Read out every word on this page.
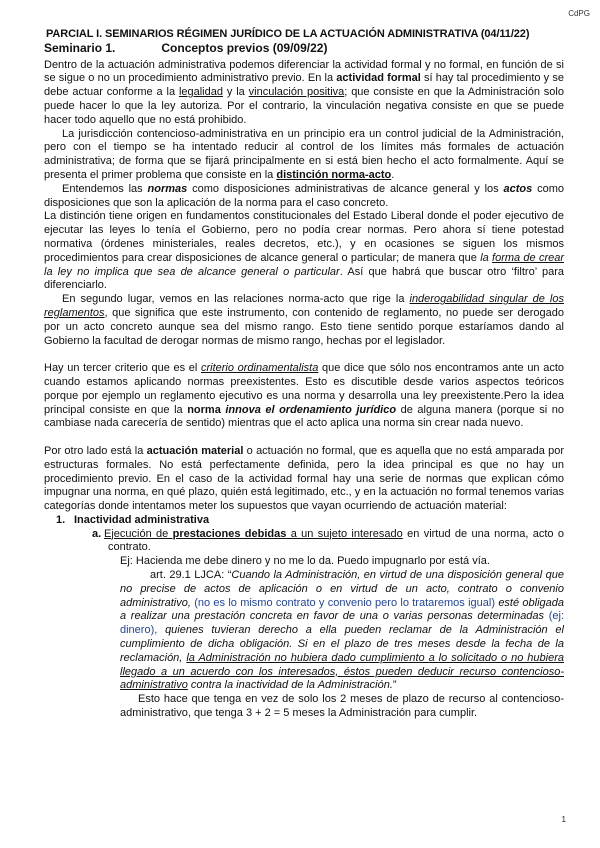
CdPG
PARCIAL I. SEMINARIOS RÉGIMEN JURÍDICO DE LA ACTUACIÓN ADMINISTRATIVA (04/11/22)
Seminario 1.	Conceptos previos (09/09/22)

Dentro de la actuación administrativa podemos diferenciar la actividad formal y no formal, en función de si se sigue o no un procedimiento administrativo previo. En la actividad formal sí hay tal procedimiento y se debe actuar conforme a la legalidad y la vinculación positiva; que consiste en que la Administración solo puede hacer lo que la ley autoriza. Por el contrario, la vinculación negativa consiste en que se puede hacer todo aquello que no está prohibido.

La jurisdicción contencioso-administrativa en un principio era un control judicial de la Administración, pero con el tiempo se ha intentado reducir al control de los límites más formales de actuación administrativa; de forma que se fijará principalmente en si está bien hecho el acto formalmente. Aquí se presenta el primer problema que consiste en la distinción norma-acto.

Entendemos las normas como disposiciones administrativas de alcance general y los actos como disposiciones que son la aplicación de la norma para el caso concreto.

La distinción tiene origen en fundamentos constitucionales del Estado Liberal donde el poder ejecutivo de ejecutar las leyes lo tenía el Gobierno, pero no podía crear normas. Pero ahora sí tiene potestad normativa (órdenes ministeriales, reales decretos, etc.), y en ocasiones se siguen los mismos procedimientos para crear disposiciones de alcance general o particular; de manera que la forma de crear la ley no implica que sea de alcance general o particular. Así que habrá que buscar otro ‘filtro’ para diferenciarlo.

En segundo lugar, vemos en las relaciones norma-acto que rige la inderogabilidad singular de los reglamentos, que significa que este instrumento, con contenido de reglamento, no puede ser derogado por un acto concreto aunque sea del mismo rango. Esto tiene sentido porque estaríamos dando al Gobierno la facultad de derogar normas de mismo rango, hechas por el legislador.

Hay un tercer criterio que es el criterio ordinamentalista que dice que sólo nos encontramos ante un acto cuando estamos aplicando normas preexistentes. Esto es discutible desde varios aspectos teóricos porque por ejemplo un reglamento ejecutivo es una norma y desarrolla una ley preexistente.Pero la idea principal consiste en que la norma innova el ordenamiento jurídico de alguna manera (porque si no cambiase nada carecería de sentido) mientras que el acto aplica una norma sin crear nada nuevo.

Por otro lado está la actuación material o actuación no formal, que es aquella que no está amparada por estructuras formales. No está perfectamente definida, pero la idea principal es que no hay un procedimiento previo. En el caso de la actividad formal hay una serie de normas que explican cómo impugnar una norma, en qué plazo, quién está legitimado, etc., y en la actuación no formal tenemos varias categorías donde intentamos meter los supuestos que vayan ocurriendo de actuación material:

1. Inactividad administrativa

a. Ejecución de prestaciones debidas a un sujeto interesado en virtud de una norma, acto o contrato.

Ej: Hacienda me debe dinero y no me lo da. Puedo impugnarlo por está vía.

art. 29.1 LJCA: “Cuando la Administración, en virtud de una disposición general que no precise de actos de aplicación o en virtud de un acto, contrato o convenio administrativo, (no es lo mismo contrato y convenio pero lo trataremos igual) esté obligada a realizar una prestación concreta en favor de una o varias personas determinadas (ej: dinero), quienes tuvieran derecho a ella pueden reclamar de la Administración el cumplimiento de dicha obligación. Si en el plazo de tres meses desde la fecha de la reclamación, la Administración no hubiera dado cumplimiento a lo solicitado o no hubiera llegado a un acuerdo con los interesados, éstos pueden deducir recurso contencioso-administrativo contra la inactividad de la Administración.”

Esto hace que tenga en vez de solo los 2 meses de plazo de recurso al contencioso-administrativo, que tenga 3 + 2 = 5 meses la Administración para cumplir.

1
